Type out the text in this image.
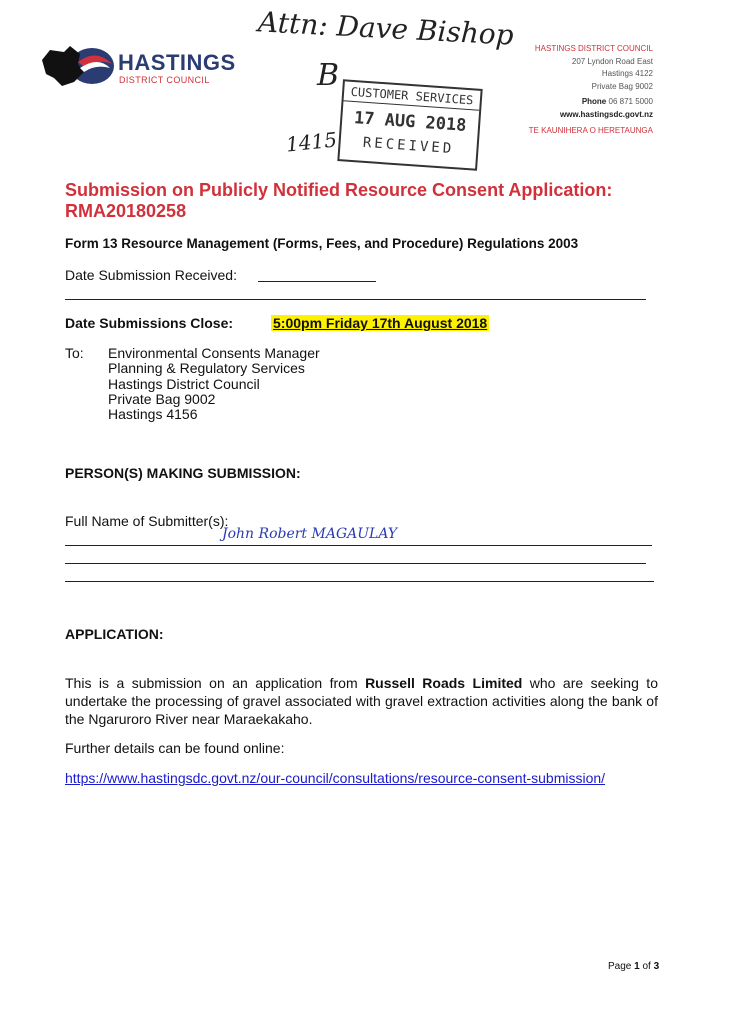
HASTINGS
DISTRICT COUNCIL
HASTINGS DISTRICT COUNCIL
207 Lyndon Road East
Hastings 4122
Private Bag 9002
Phone 06 871 5000
www.hastingsdc.govt.nz
TE KAUNIHERA O HERETAUNGA
Attn: Dave Bishop
B
1415
CUSTOMER SERVICES
17 AUG 2018
RECEIVED
Submission on Publicly Notified Resource Consent Application: RMA20180258
Form 13 Resource Management (Forms, Fees, and Procedure) Regulations 2003
Date Submission Received:
Date Submissions Close:	5:00pm Friday 17th August 2018
To: Environmental Consents Manager
Planning & Regulatory Services
Hastings District Council
Private Bag 9002
Hastings 4156
PERSON(S) MAKING SUBMISSION:
Full Name of Submitter(s):
John Robert MAGAULAY
APPLICATION:
This is a submission on an application from Russell Roads Limited who are seeking to undertake the processing of gravel associated with gravel extraction activities along the bank of the Ngaruroro River near Maraekakaho.
Further details can be found online:
https://www.hastingsdc.govt.nz/our-council/consultations/resource-consent-submission/
Page 1 of 3
